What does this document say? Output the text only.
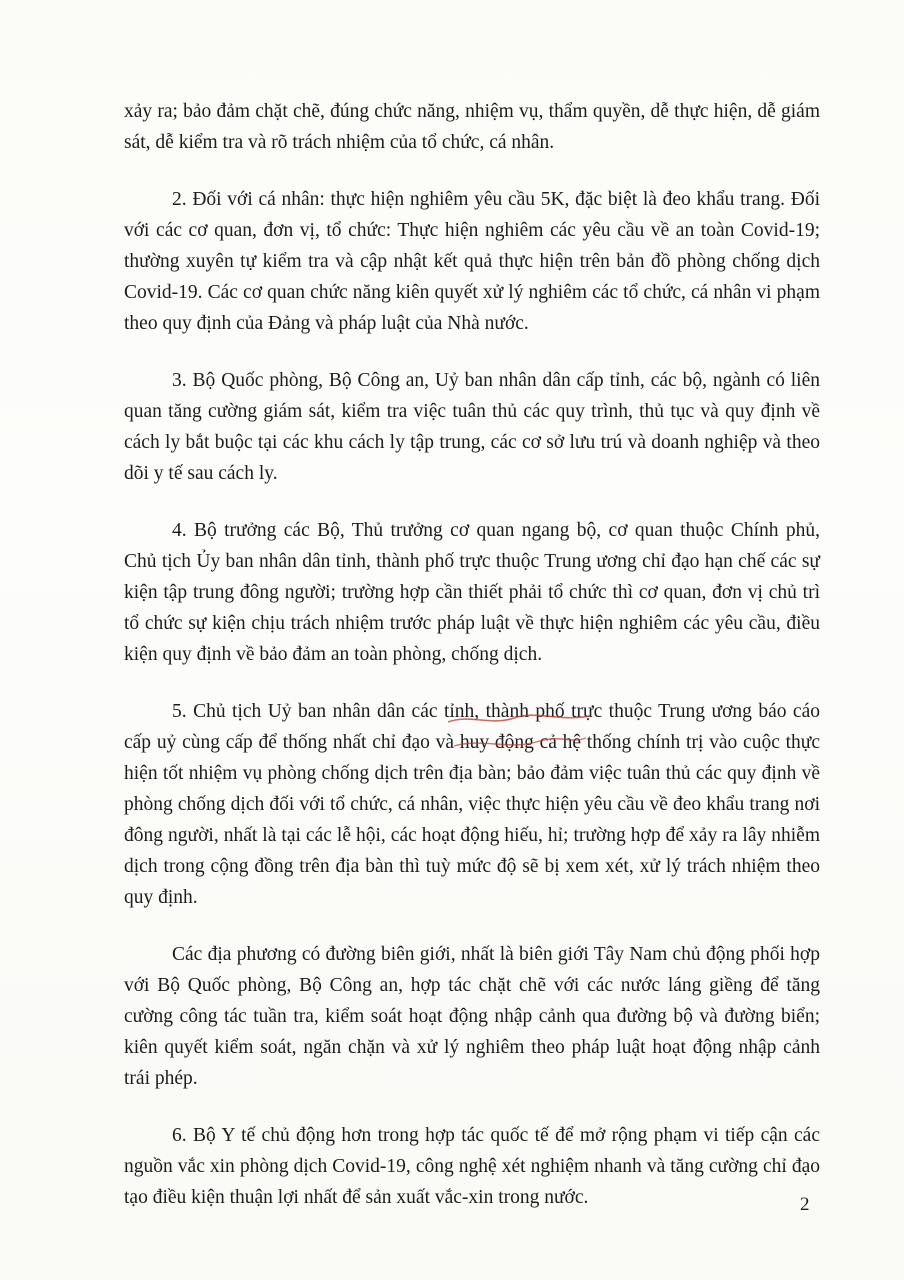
xảy ra; bảo đảm chặt chẽ, đúng chức năng, nhiệm vụ, thẩm quyền, dễ thực hiện, dễ giám sát, dễ kiểm tra và rõ trách nhiệm của tổ chức, cá nhân.

2. Đối với cá nhân: thực hiện nghiêm yêu cầu 5K, đặc biệt là đeo khẩu trang. Đối với các cơ quan, đơn vị, tổ chức: Thực hiện nghiêm các yêu cầu về an toàn Covid-19; thường xuyên tự kiểm tra và cập nhật kết quả thực hiện trên bản đồ phòng chống dịch Covid-19. Các cơ quan chức năng kiên quyết xử lý nghiêm các tổ chức, cá nhân vi phạm theo quy định của Đảng và pháp luật của Nhà nước.

3. Bộ Quốc phòng, Bộ Công an, Uỷ ban nhân dân cấp tỉnh, các bộ, ngành có liên quan tăng cường giám sát, kiểm tra việc tuân thủ các quy trình, thủ tục và quy định về cách ly bắt buộc tại các khu cách ly tập trung, các cơ sở lưu trú và doanh nghiệp và theo dõi y tế sau cách ly.

4. Bộ trưởng các Bộ, Thủ trưởng cơ quan ngang bộ, cơ quan thuộc Chính phủ, Chủ tịch Ủy ban nhân dân tỉnh, thành phố trực thuộc Trung ương chỉ đạo hạn chế các sự kiện tập trung đông người; trường hợp cần thiết phải tổ chức thì cơ quan, đơn vị chủ trì tổ chức sự kiện chịu trách nhiệm trước pháp luật về thực hiện nghiêm các yêu cầu, điều kiện quy định về bảo đảm an toàn phòng, chống dịch.

5. Chủ tịch Uỷ ban nhân dân các tỉnh, thành phố trực thuộc Trung ương báo cáo cấp uỷ cùng cấp để thống nhất chỉ đạo và huy động cả hệ thống chính trị vào cuộc thực hiện tốt nhiệm vụ phòng chống dịch trên địa bàn; bảo đảm việc tuân thủ các quy định về phòng chống dịch đối với tổ chức, cá nhân, việc thực hiện yêu cầu về đeo khẩu trang nơi đông người, nhất là tại các lễ hội, các hoạt động hiếu, hỉ; trường hợp để xảy ra lây nhiễm dịch trong cộng đồng trên địa bàn thì tuỳ mức độ sẽ bị xem xét, xử lý trách nhiệm theo quy định.

Các địa phương có đường biên giới, nhất là biên giới Tây Nam chủ động phối hợp với Bộ Quốc phòng, Bộ Công an, hợp tác chặt chẽ với các nước láng giềng để tăng cường công tác tuần tra, kiểm soát hoạt động nhập cảnh qua đường bộ và đường biển; kiên quyết kiểm soát, ngăn chặn và xử lý nghiêm theo pháp luật hoạt động nhập cảnh trái phép.

6. Bộ Y tế chủ động hơn trong hợp tác quốc tế để mở rộng phạm vi tiếp cận các nguồn vắc xin phòng dịch Covid-19, công nghệ xét nghiệm nhanh và tăng cường chỉ đạo tạo điều kiện thuận lợi nhất để sản xuất vắc-xin trong nước.	2
